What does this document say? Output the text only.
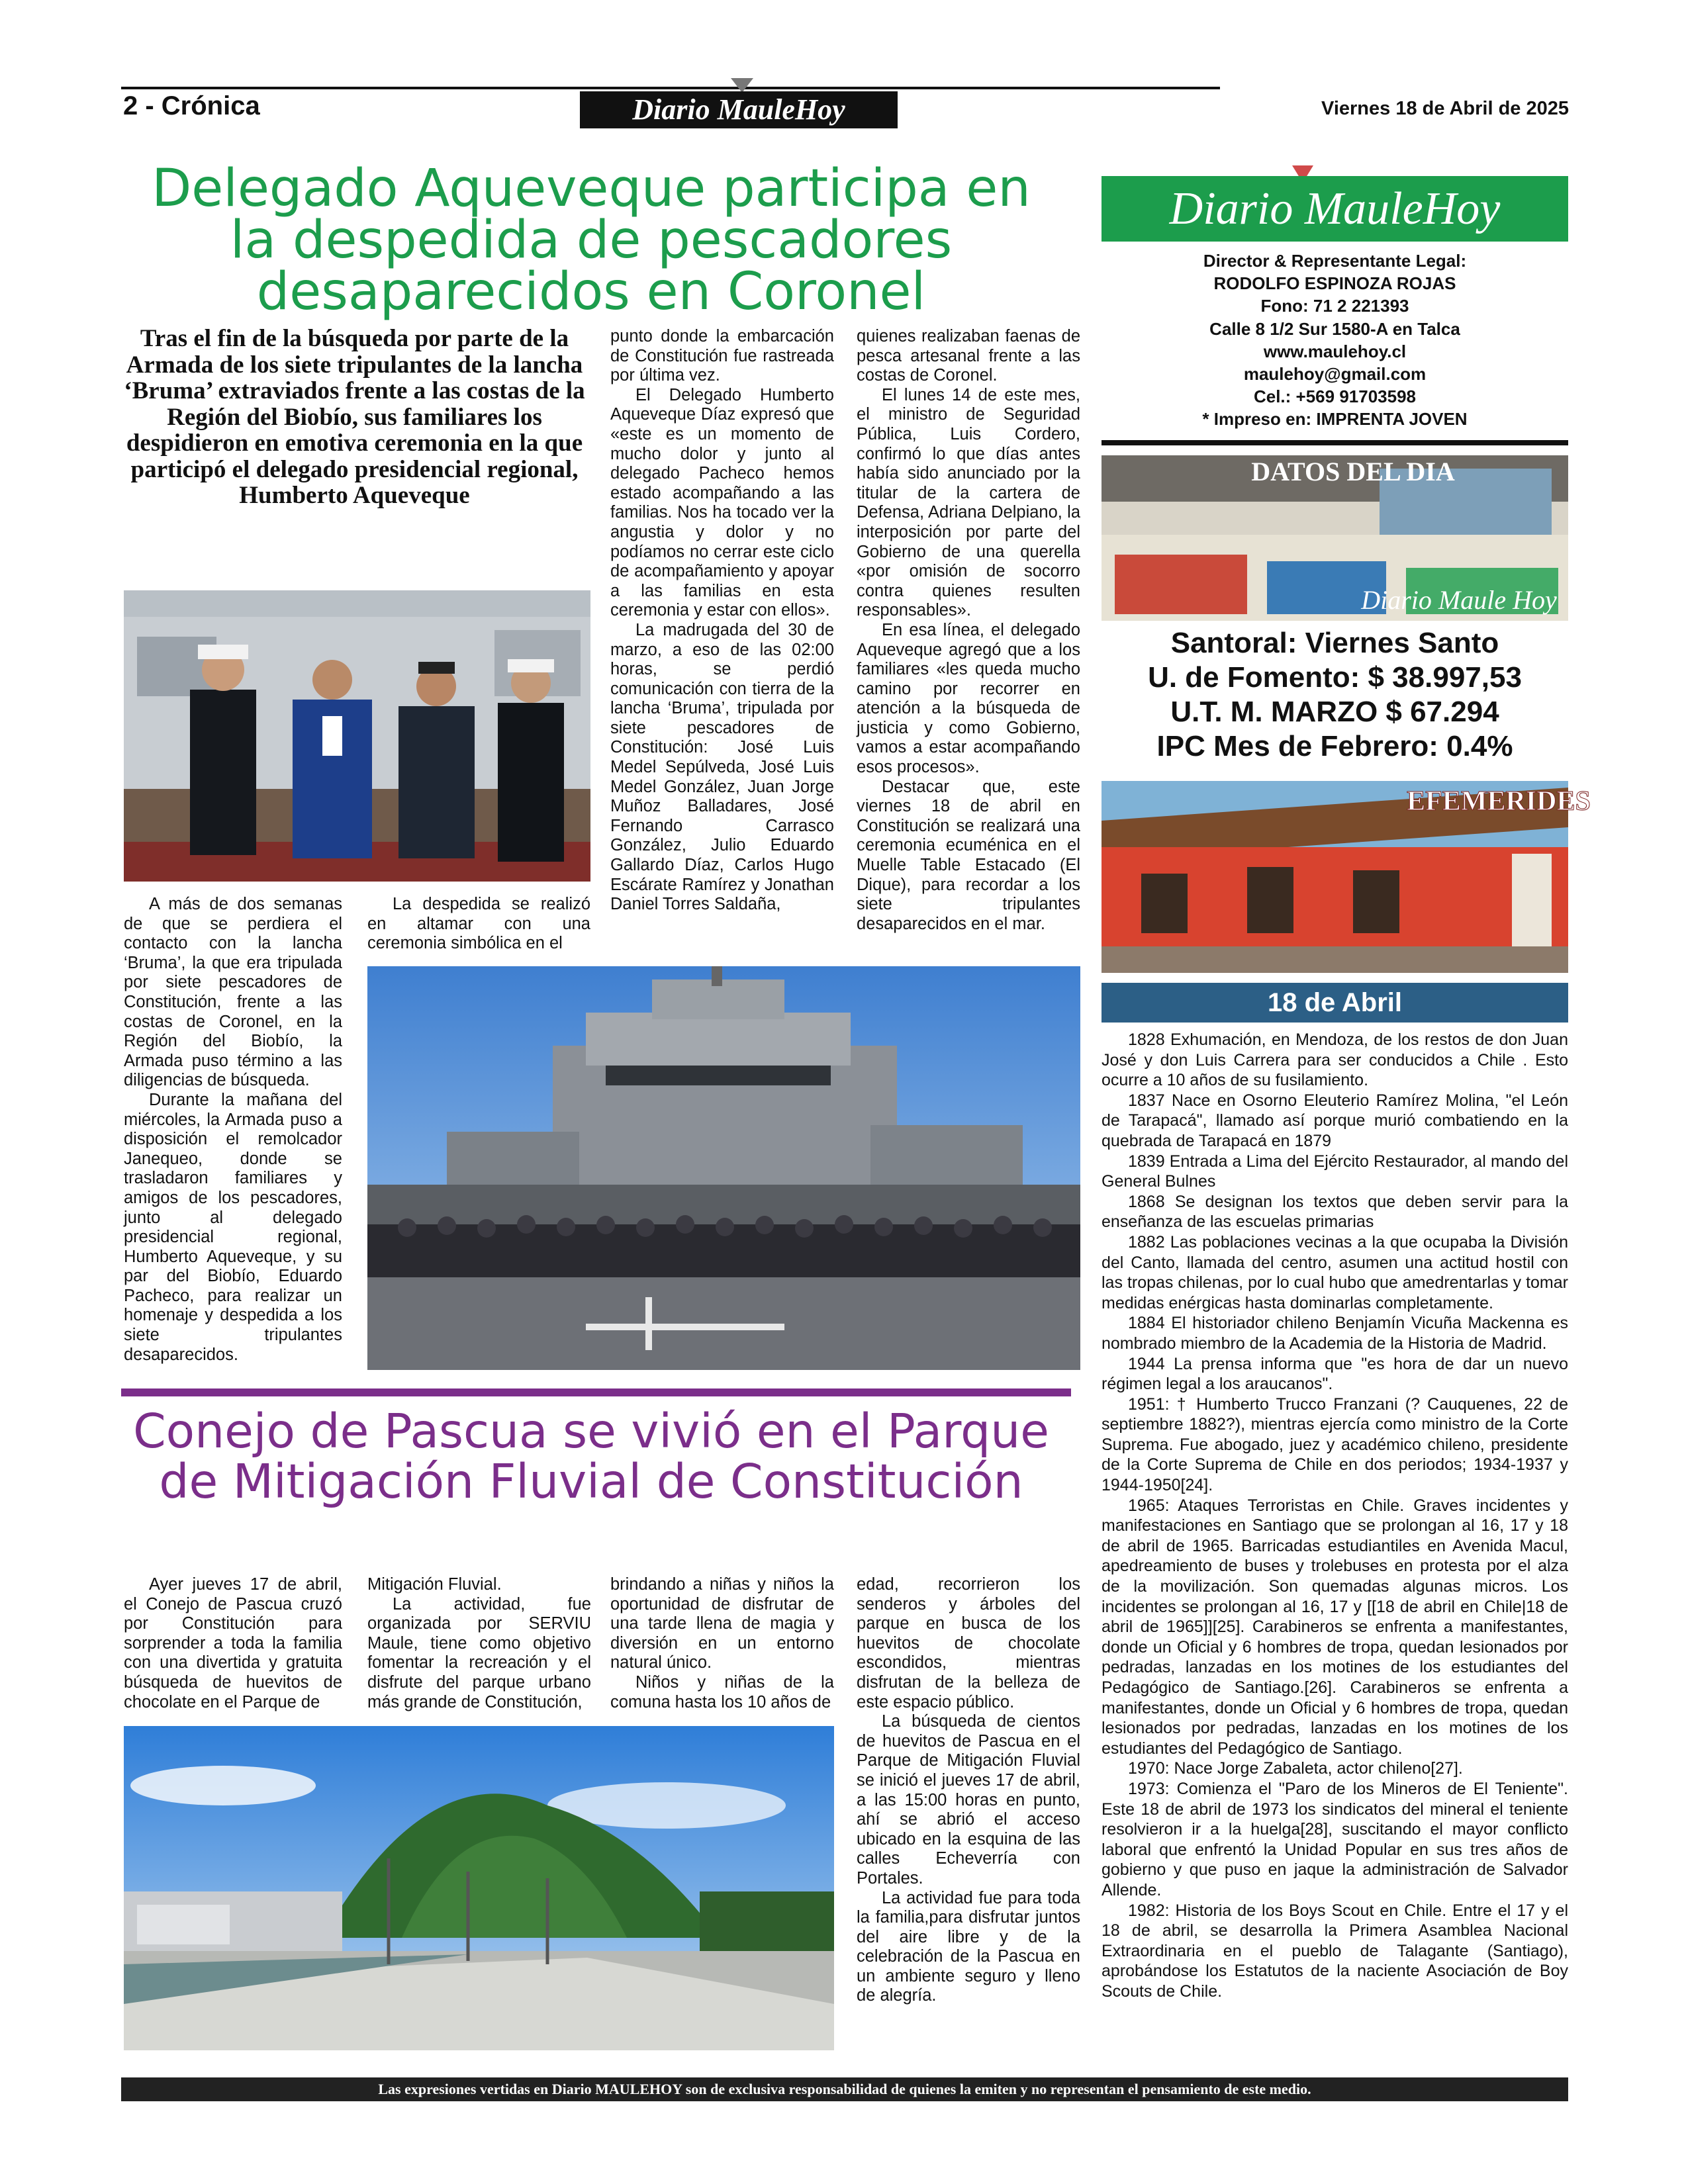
2 - Crónica	Diario MauleHoy	Viernes 18 de Abril de 2025
Delegado Aqueveque participa en la despedida de pescadores desaparecidos en Coronel
Tras el fin de la búsqueda por parte de la Armada de los siete tripulantes de la lancha ‘Bruma’ extraviados frente a las costas de la Región del Biobío, sus familiares los despidieron en emotiva ceremonia en la que participó el delegado presidencial regional, Humberto Aqueveque

A más de dos semanas de que se perdiera el contacto con la lancha ‘Bruma’, la que era tripulada por siete pescadores de Constitución, frente a las costas de Coronel, en la Región del Biobío, la Armada puso término a las diligencias de búsqueda.

Durante la mañana del miércoles, la Armada puso a disposición el remolcador Janequeo, donde se trasladaron familiares y amigos de los pescadores, junto al delegado presidencial regional, Humberto Aqueveque, y su par del Biobío, Eduardo Pacheco, para realizar un homenaje y despedida a los siete tripulantes desaparecidos.

La despedida se realizó en altamar con una ceremonia simbólica en el

punto donde la embarcación de Constitución fue rastreada por última vez.

El Delegado Humberto Aqueveque Díaz expresó que «este es un momento de mucho dolor y junto al delegado Pacheco hemos estado acompañando a las familias. Nos ha tocado ver la angustia y dolor y no podíamos no cerrar este ciclo de acompañamiento y apoyar a las familias en esta ceremonia y estar con ellos».

La madrugada del 30 de marzo, a eso de las 02:00 horas, se perdió comunicación con tierra de la lancha ‘Bruma’, tripulada por siete pescadores de Constitución: José Luis Medel Sepúlveda, José Luis Medel González, Juan Jorge Muñoz Balladares, José Fernando Carrasco González, Julio Eduardo Gallardo Díaz, Carlos Hugo Escárate Ramírez y Jonathan Daniel Torres Saldaña,

quienes realizaban faenas de pesca artesanal frente a las costas de Coronel.

El lunes 14 de este mes, el ministro de Seguridad Pública, Luis Cordero, confirmó lo que días antes había sido anunciado por la titular de la cartera de Defensa, Adriana Delpiano, la interposición por parte del Gobierno de una querella «por omisión de socorro contra quienes resulten responsables».

En esa línea, el delegado Aqueveque agregó que a los familiares «les queda mucho camino por recorrer en atención a la búsqueda de justicia y como Gobierno, vamos a estar acompañando esos procesos».

Destacar que, este viernes 18 de abril en Constitución se realizará una ceremonia ecuménica en el Muelle Table Estacado (El Dique), para recordar a los siete tripulantes desaparecidos en el mar.

Conejo de Pascua se vivió en el Parque de Mitigación Fluvial de Constitución

Ayer jueves 17 de abril, el Conejo de Pascua cruzó por Constitución para sorprender a toda la familia con una divertida y gratuita búsqueda de huevitos de chocolate en el Parque de

Mitigación Fluvial.

La actividad, fue organizada por SERVIU Maule, tiene como objetivo fomentar la recreación y el disfrute del parque urbano más grande de Constitución,

brindando a niñas y niños la oportunidad de disfrutar de una tarde llena de magia y diversión en un entorno natural único.

Niños y niñas de la comuna hasta los 10 años de

edad, recorrieron los senderos y árboles del parque en busca de los huevitos de chocolate escondidos, mientras disfrutan de la belleza de este espacio público.

La búsqueda de cientos de huevitos de Pascua en el Parque de Mitigación Fluvial se inició el jueves 17 de abril, a las 15:00 horas en punto, ahí se abrió el acceso ubicado en la esquina de las calles Echeverría con Portales.

La actividad fue para toda la familia,para disfrutar juntos del aire libre y de la celebración de la Pascua en un ambiente seguro y lleno de alegría.

Diario MauleHoy
Director & Representante Legal:
RODOLFO ESPINOZA ROJAS
Fono: 71 2 221393
Calle 8 1/2 Sur 1580-A en Talca
www.maulehoy.cl
maulehoy@gmail.com
Cel.: +569 91703598
* Impreso en: IMPRENTA JOVEN
DATOS DEL DIA
Diario Maule Hoy
Santoral: Viernes Santo
U. de Fomento: $ 38.997,53
U.T. M. MARZO $ 67.294
IPC Mes de Febrero: 0.4%
EFEMERIDES
18 de Abril

1828 Exhumación, en Mendoza, de los restos de don Juan José y don Luis Carrera para ser conducidos a Chile . Esto ocurre a 10 años de su fusilamiento.

1837 Nace en Osorno Eleuterio Ramírez Molina, "el León de Tarapacá", llamado así porque murió combatiendo en la quebrada de Tarapacá en 1879

1839 Entrada a Lima del Ejército Restaurador, al mando del General Bulnes

1868 Se designan los textos que deben servir para la enseñanza de las escuelas primarias

1882 Las poblaciones vecinas a la que ocupaba la División del Canto, llamada del centro, asumen una actitud hostil con las tropas chilenas, por lo cual hubo que amedrentarlas y tomar medidas enérgicas hasta dominarlas completamente.

1884 El historiador chileno Benjamín Vicuña Mackenna es nombrado miembro de la Academia de la Historia de Madrid.

1944 La prensa informa que "es hora de dar un nuevo régimen legal a los araucanos".

1951: † Humberto Trucco Franzani (? Cauquenes, 22 de septiembre 1882?), mientras ejercía como ministro de la Corte Suprema. Fue abogado, juez y académico chileno, presidente de la Corte Suprema de Chile en dos periodos; 1934-1937 y 1944-1950[24].

1965: Ataques Terroristas en Chile. Graves incidentes y manifestaciones en Santiago que se prolongan al 16, 17 y 18 de abril de 1965. Barricadas estudiantiles en Avenida Macul, apedreamiento de buses y trolebuses en protesta por el alza de la movilización. Son quemadas algunas micros. Los incidentes se prolongan al 16, 17 y [[18 de abril en Chile|18 de abril de 1965]][25]. Carabineros se enfrenta a manifestantes, donde un Oficial y 6 hombres de tropa, quedan lesionados por pedradas, lanzadas en los motines de los estudiantes del Pedagógico de Santiago.[26]. Carabineros se enfrenta a manifestantes, donde un Oficial y 6 hombres de tropa, quedan lesionados por pedradas, lanzadas en los motines de los estudiantes del Pedagógico de Santiago.

1970: Nace Jorge Zabaleta, actor chileno[27].

1973: Comienza el "Paro de los Mineros de El Teniente". Este 18 de abril de 1973 los sindicatos del mineral el teniente resolvieron ir a la huelga[28], suscitando el mayor conflicto laboral que enfrentó la Unidad Popular en sus tres años de gobierno y que puso en jaque la administración de Salvador Allende.

1982: Historia de los Boys Scout en Chile. Entre el 17 y el 18 de abril, se desarrolla la Primera Asamblea Nacional Extraordinaria en el pueblo de Talagante (Santiago), aprobándose los Estatutos de la naciente Asociación de Boy Scouts de Chile.

Las expresiones vertidas en Diario MAULEHOY son de exclusiva responsabilidad de quienes la emiten y no representan el pensamiento de este medio.
